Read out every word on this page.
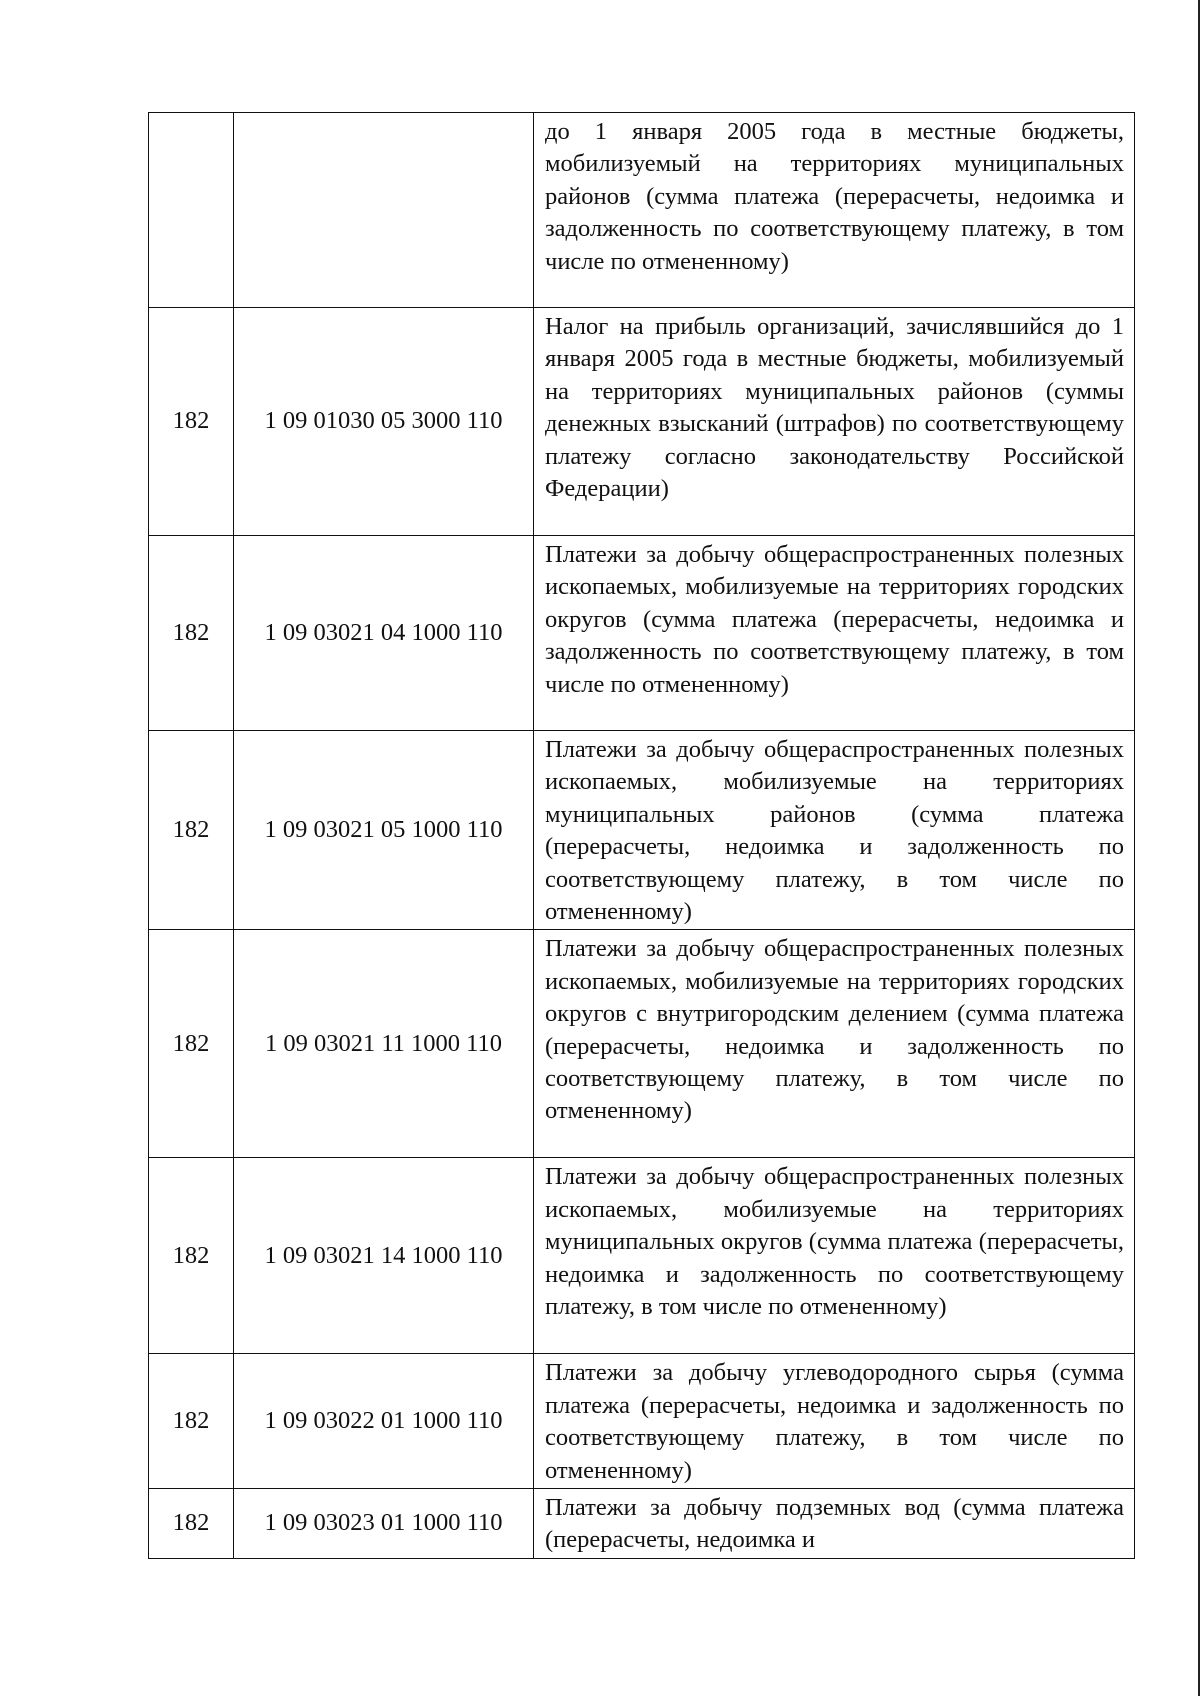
		до 1 января 2005 года в местные бюджеты, мобилизуемый на территориях муниципальных районов (сумма платежа (перерасчеты, недоимка и задолженность по соответствующему платежу, в том числе по отмененному)

182	1 09 01030 05 3000 110	Налог на прибыль организаций, зачислявшийся до 1 января 2005 года в местные бюджеты, мобилизуемый на территориях муниципальных районов (суммы денежных взысканий (штрафов) по соответствующему платежу согласно законодательству Российской Федерации)

182	1 09 03021 04 1000 110	Платежи за добычу общераспространенных полезных ископаемых, мобилизуемые на территориях городских округов (сумма платежа (перерасчеты, недоимка и задолженность по соответствующему платежу, в том числе по отмененному)

182	1 09 03021 05 1000 110	Платежи за добычу общераспространенных полезных ископаемых, мобилизуемые на территориях муниципальных районов (сумма платежа (перерасчеты, недоимка и задолженность по соответствующему платежу, в том числе по отмененному)

182	1 09 03021 11 1000 110	Платежи за добычу общераспространенных полезных ископаемых, мобилизуемые на территориях городских округов с внутригородским делением (сумма платежа (перерасчеты, недоимка и задолженность по соответствующему платежу, в том числе по отмененному)

182	1 09 03021 14 1000 110	Платежи за добычу общераспространенных полезных ископаемых, мобилизуемые на территориях муниципальных округов (сумма платежа (перерасчеты, недоимка и задолженность по соответствующему платежу, в том числе по отмененному)

182	1 09 03022 01 1000 110	Платежи за добычу углеводородного сырья (сумма платежа (перерасчеты, недоимка и задолженность по соответствующему платежу, в том числе по отмененному)

182	1 09 03023 01 1000 110	Платежи за добычу подземных вод (сумма платежа (перерасчеты, недоимка и
